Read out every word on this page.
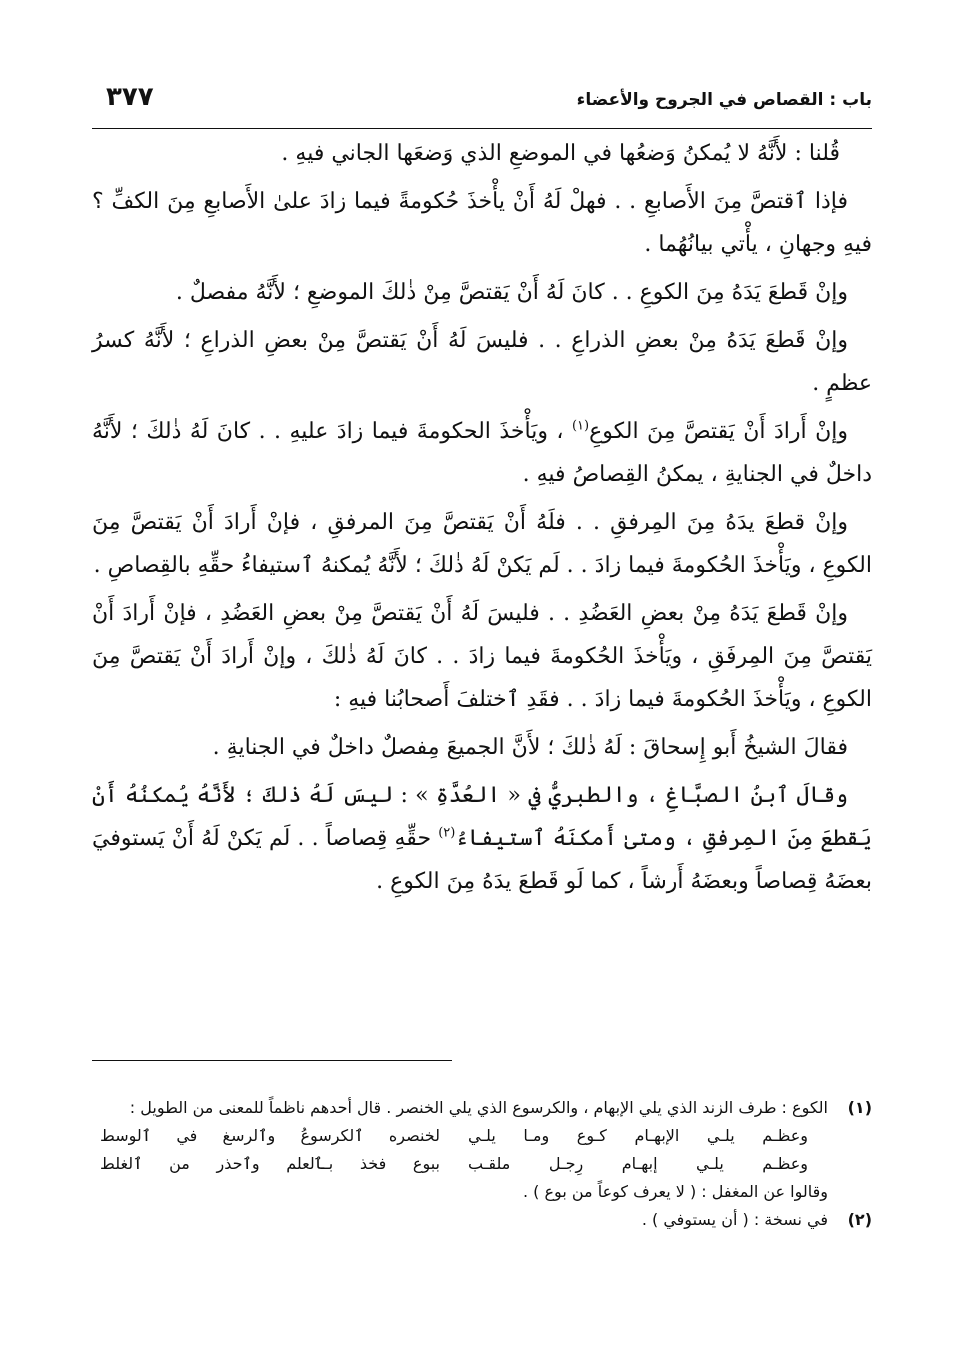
باب : القصاص في الجروح والأعضاء
٣٧٧

قُلنا : لأَنَّهُ لا يُمكنُ وَضعُها في الموضعِ الذي وَضعَها الجاني فيهِ .

فإذا ٱقتصَّ مِنَ الأَصابعِ . . فهلْ لَهُ أَنْ يأْخذَ حُكومةً فيما زادَ علىٰ الأَصابعِ مِنَ الكفِّ ؟ فيهِ وجهانِ ، يأْتي بيانُهُما .

وإنْ قَطعَ يَدَهُ مِنَ الكوعِ . . كانَ لَهُ أَنْ يَقتصَّ مِنْ ذٰلكَ الموضعِ ؛ لأَنَّهُ مفصلٌ .

وإنْ قَطعَ يَدَهُ مِنْ بعضِ الذراعِ . . فليسَ لَهُ أَنْ يَقتصَّ مِنْ بعضِ الذراعِ ؛ لأَنَّهُ كسرُ عظمٍ .

وإنْ أَرادَ أَنْ يَقتصَّ مِنَ الكوعِ$^{(١)}$ ، ويَأْخذَ الحكومةَ فيما زادَ عليهِ . . كانَ لَهُ ذٰلكَ ؛ لأَنَّهُ داخلٌ في الجنايةِ ، يمكنُ القِصاصُ فيهِ .

وإنْ قطعَ يدَهُ مِنَ المِرفقِ . . فلَهُ أَنْ يَقتصَّ مِنَ المرفقِ ، فإنْ أَرادَ أَنْ يَقتصَّ مِنَ الكوعِ ، ويَأْخذَ الحُكومةَ فيما زادَ . . لَم يَكنْ لَهُ ذٰلكَ ؛ لأَنَّهُ يُمكنهُ ٱستيفاءُ حقِّهِ بالقِصاصِ .

وإنْ قَطعَ يَدَهُ مِنْ بعضِ العَضُدِ . . فليسَ لَهُ أَنْ يَقتصَّ مِنْ بعضِ العَضُدِ ، فإنْ أَرادَ أَنْ يَقتصَّ مِنَ المِرفَقِ ، ويَأْخذَ الحُكومةَ فيما زادَ . . كانَ لَهُ ذٰلكَ ، وإنْ أَرادَ أَنْ يَقتصَّ مِنَ الكوعِ ، ويَأْخذَ الحُكومةَ فيما زادَ . . فقَدِ ٱختلفَ أَصحابُنا فيهِ :

فقالَ الشيخُ أَبو إِسحاقَ : لَهُ ذٰلكَ ؛ لأَنَّ الجميعَ مِفصلٌ داخلٌ في الجنايةِ .

وقالَ ٱبنُ الصبَّاغِ ، والطبريُّ في « العُدَّةِ » : ليسَ لَهُ ذٰلكَ ؛ لأَنَّهُ يُمكنُهُ أَنْ يَقطعَ مِنَ المِرفقِ ، ومتىٰ أَمكنَهُ ٱستيفاءُ$^{(٢)}$ حقِّهِ قِصاصاً . . لَم يَكنْ لَهُ أَنْ يَستوفيَ بعضَهُ قِصاصاً وبعضَهُ أَرشاً ، كما لَو قَطعَ يدَهُ مِنَ الكوعِ .

(١)
الكوع : طرف الزند الذي يلي الإبهام ، والكرسوع الذي يلي الخنصر . قال أحدهم ناظماً للمعنى من الطويل :
وعظـم يلـي الإبهـام كـوع ومـا يلـي
لخنصره ٱلكرسوعُ وٱلرسغ في ٱلوسط
وعظـم يلـي إبهـام رِجـل ملقـب
ببوع فخذ بـٱلعلم وٱحذر من ٱلغلط
وقالوا عن المغفل : ( لا يعرف كوعاً من بوع ) .
(٢)
في نسخة : ( أن يستوفي ) .
